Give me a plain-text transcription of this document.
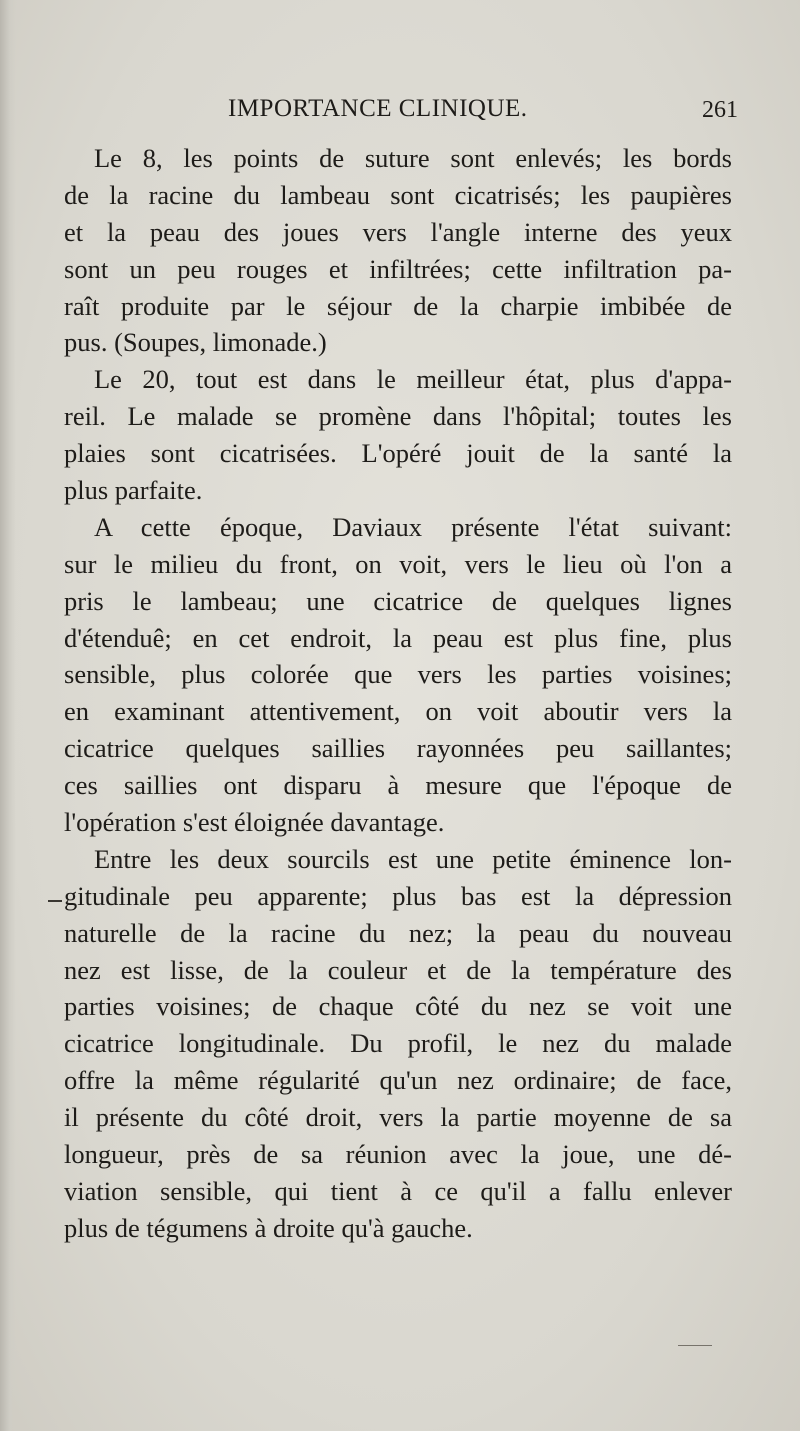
IMPORTANCE CLINIQUE.	261
Le 8, les points de suture sont enlevés; les bords
de la racine du lambeau sont cicatrisés; les paupières
et la peau des joues vers l'angle interne des yeux
sont un peu rouges et infiltrées; cette infiltration pa-
raît produite par le séjour de la charpie imbibée de
pus. (Soupes, limonade.)
Le 20, tout est dans le meilleur état, plus d'appa-
reil. Le malade se promène dans l'hôpital; toutes les
plaies sont cicatrisées. L'opéré jouit de la santé la
plus parfaite.
A cette époque, Daviaux présente l'état suivant:
sur le milieu du front, on voit, vers le lieu où l'on a
pris le lambeau; une cicatrice de quelques lignes
d'étenduê; en cet endroit, la peau est plus fine, plus
sensible, plus colorée que vers les parties voisines;
en examinant attentivement, on voit aboutir vers la
cicatrice quelques saillies rayonnées peu saillantes;
ces saillies ont disparu à mesure que l'époque de
l'opération s'est éloignée davantage.
Entre les deux sourcils est une petite éminence lon-
gitudinale peu apparente; plus bas est la dépression
naturelle de la racine du nez; la peau du nouveau
nez est lisse, de la couleur et de la température des
parties voisines; de chaque côté du nez se voit une
cicatrice longitudinale. Du profil, le nez du malade
offre la même régularité qu'un nez ordinaire; de face,
il présente du côté droit, vers la partie moyenne de sa
longueur, près de sa réunion avec la joue, une dé-
viation sensible, qui tient à ce qu'il a fallu enlever
plus de tégumens à droite qu'à gauche.
